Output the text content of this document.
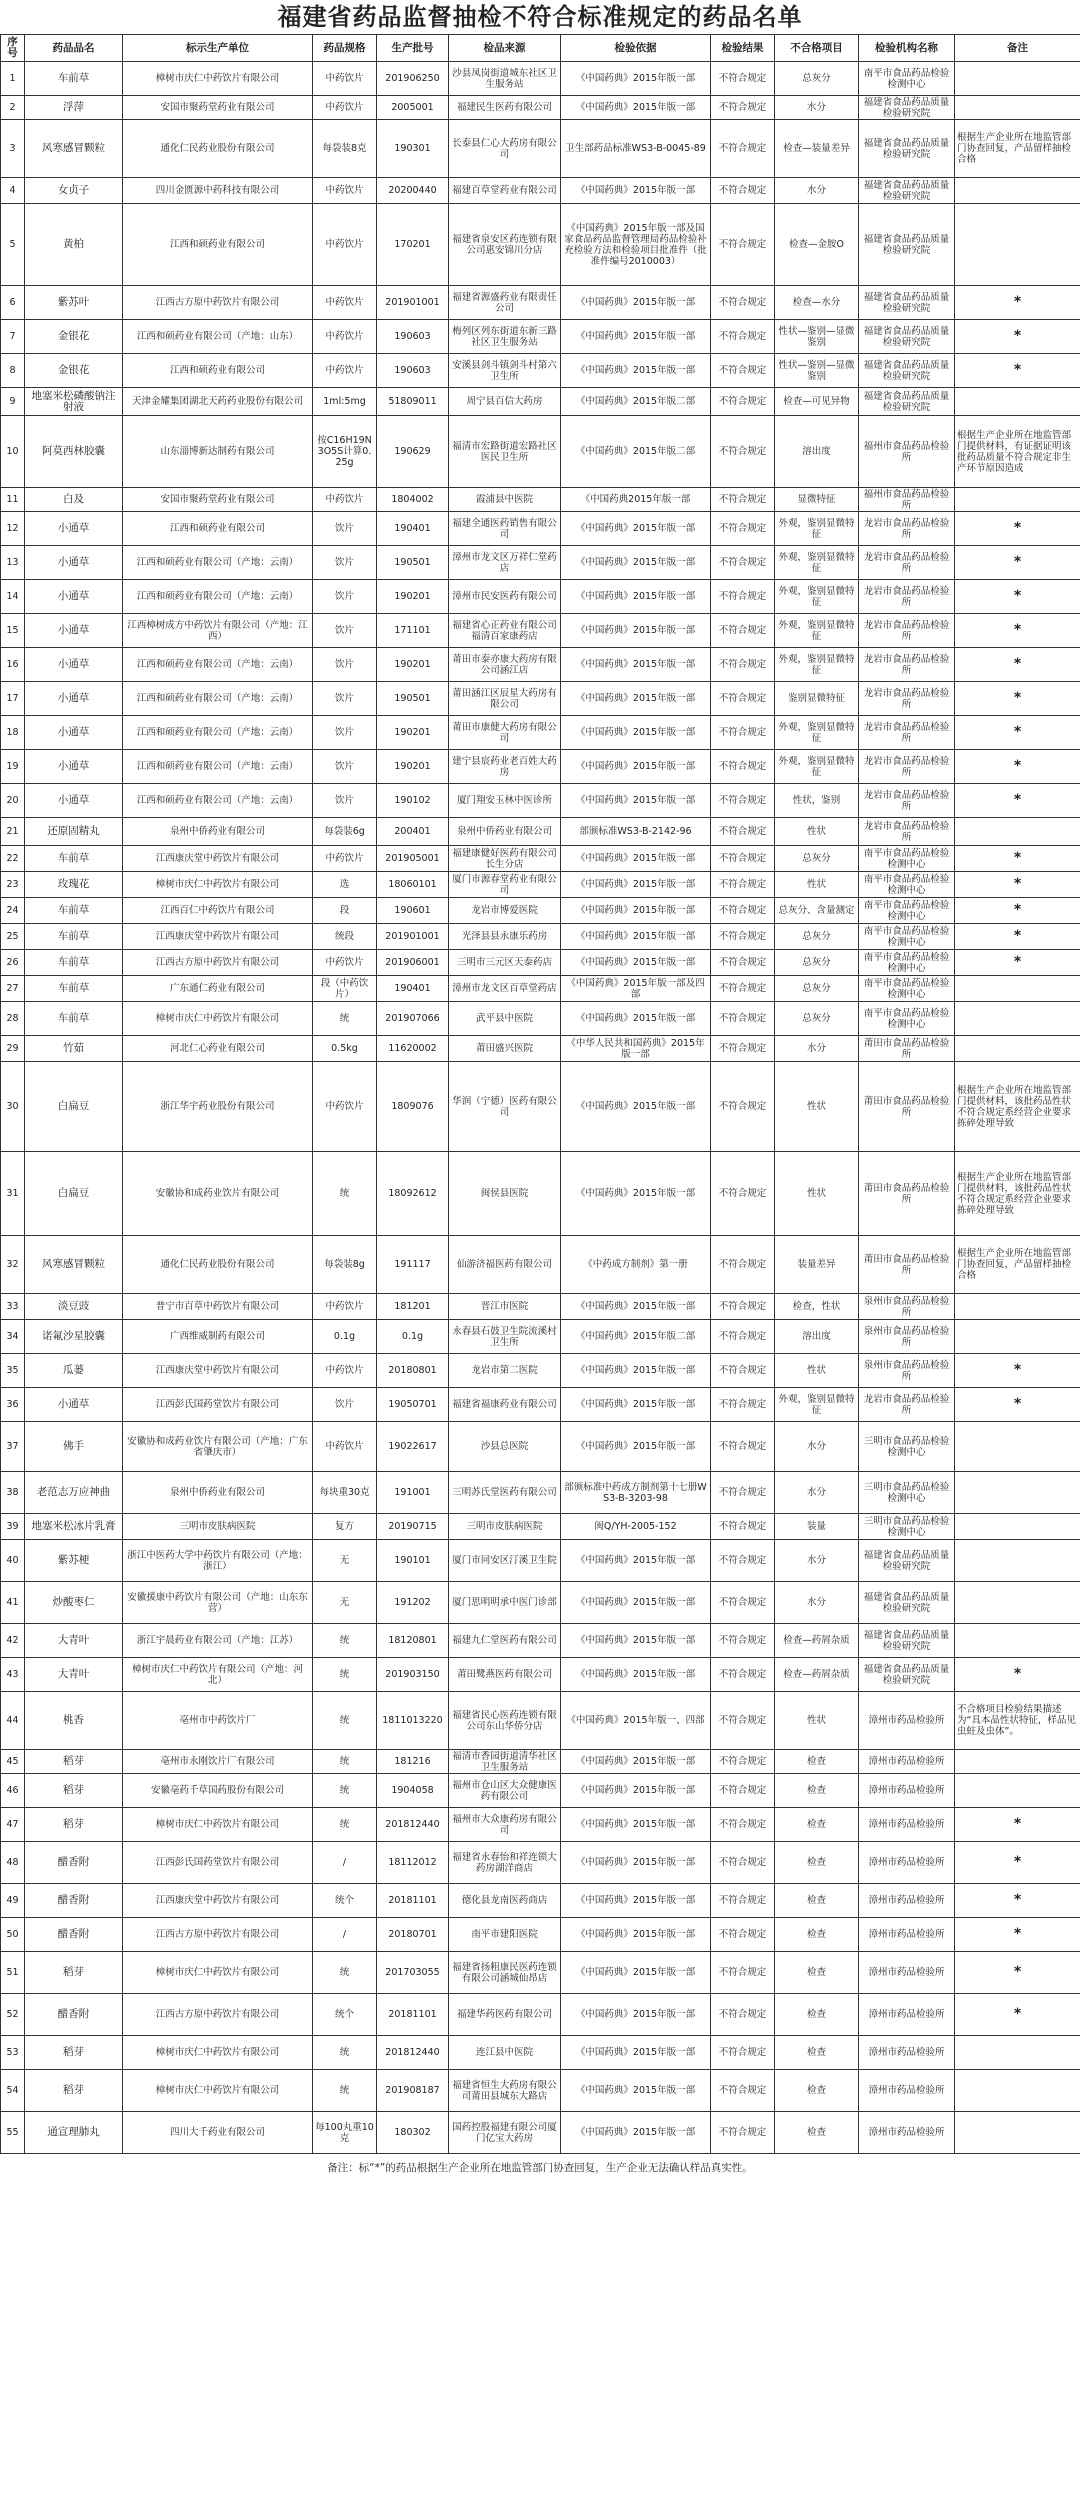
福建省药品监督抽检不符合标准规定的药品名单
序号	药品品名	标示生产单位	药品规格	生产批号	检品来源	检验依据	检验结果	不合格项目	检验机构名称	备注
1	车前草	樟树市庆仁中药饮片有限公司	中药饮片	201906250	沙县凤岗街道城东社区卫生服务站	《中国药典》2015年版一部	不符合规定	总灰分	南平市食品药品检验检测中心	
2	浮萍	安国市聚药堂药业有限公司	中药饮片	2005001	福建民生医药有限公司	《中国药典》2015年版一部	不符合规定	水分	福建省食品药品质量检验研究院	
3	风寒感冒颗粒	通化仁民药业股份有限公司	每袋装8克	190301	长泰县仁心大药房有限公司	卫生部药品标准WS3-B-0045-89	不符合规定	检查—装量差异	福建省食品药品质量检验研究院	根据生产企业所在地监管部门协查回复，产品留样抽检合格
4	女贞子	四川金匮源中药科技有限公司	中药饮片	20200440	福建百草堂药业有限公司	《中国药典》2015年版一部	不符合规定	水分	福建省食品药品质量检验研究院	
5	黄柏	江西和硕药业有限公司	中药饮片	170201	福建省泉安区药连锁有限公司惠安锦川分店	《中国药典》2015年版一部及国家食品药品监督管理局药品检验补充检验方法和检验项目批准件（批准件编号2010003）	不符合规定	检查—金胺O	福建省食品药品质量检验研究院	
6	紫苏叶	江西古方原中药饮片有限公司	中药饮片	201901001	福建省源盛药业有限责任公司	《中国药典》2015年版一部	不符合规定	检查—水分	福建省食品药品质量检验研究院	*
7	金银花	江西和硕药业有限公司（产地：山东）	中药饮片	190603	梅列区列东街道东新三路社区卫生服务站	《中国药典》2015年版一部	不符合规定	性状—鉴别—显微鉴别	福建省食品药品质量检验研究院	*
8	金银花	江西和硕药业有限公司	中药饮片	190603	安溪县剑斗镇剑斗村第六卫生所	《中国药典》2015年版一部	不符合规定	性状—鉴别—显微鉴别	福建省食品药品质量检验研究院	*
9	地塞米松磷酸钠注射液	天津金耀集团湖北天药药业股份有限公司	1ml:5mg	51809011	周宁县百信大药房	《中国药典》2015年版二部	不符合规定	检查—可见异物	福建省食品药品质量检验研究院	
10	阿莫西林胶囊	山东淄博新达制药有限公司	按C16H19N3O5S计算0.25g	190629	福清市宏路街道宏路社区医民卫生所	《中国药典》2015年版二部	不符合规定	溶出度	福州市食品药品检验所	根据生产企业所在地监管部门提供材料，有证据证明该批药品质量不符合规定非生产环节原因造成
11	白及	安国市聚药堂药业有限公司	中药饮片	1804002	霞浦县中医院	《中国药典2015年版一部	不符合规定	显微特征	福州市食品药品检验所	
12	小通草	江西和硕药业有限公司	饮片	190401	福建全通医药销售有限公司	《中国药典》2015年版一部	不符合规定	外观，鉴别显微特征	龙岩市食品药品检验所	*
13	小通草	江西和硕药业有限公司（产地：云南）	饮片	190501	漳州市龙文区万祥仁堂药店	《中国药典》2015年版一部	不符合规定	外观，鉴别显微特征	龙岩市食品药品检验所	*
14	小通草	江西和硕药业有限公司（产地：云南）	饮片	190201	漳州市民安医药有限公司	《中国药典》2015年版一部	不符合规定	外观，鉴别显微特征	龙岩市食品药品检验所	*
15	小通草	江西樟树成方中药饮片有限公司（产地：江西）	饮片	171101	福建省心正药业有限公司福清百家康药店	《中国药典》2015年版一部	不符合规定	外观，鉴别显微特征	龙岩市食品药品检验所	*
16	小通草	江西和硕药业有限公司（产地：云南）	饮片	190201	莆田市泰亦康大药房有限公司涵江店	《中国药典》2015年版一部	不符合规定	外观，鉴别显微特征	龙岩市食品药品检验所	*
17	小通草	江西和硕药业有限公司（产地：云南）	饮片	190501	莆田涵江区辰星大药房有限公司	《中国药典》2015年版一部	不符合规定	鉴别显微特征	龙岩市食品药品检验所	*
18	小通草	江西和硕药业有限公司（产地：云南）	饮片	190201	莆田市康健大药房有限公司	《中国药典》2015年版一部	不符合规定	外观，鉴别显微特征	龙岩市食品药品检验所	*
19	小通草	江西和硕药业有限公司（产地：云南）	饮片	190201	建宁县宸药业老百姓大药房	《中国药典》2015年版一部	不符合规定	外观，鉴别显微特征	龙岩市食品药品检验所	*
20	小通草	江西和硕药业有限公司（产地：云南）	饮片	190102	厦门翔安玉林中医诊所	《中国药典》2015年版一部	不符合规定	性状，鉴别	龙岩市食品药品检验所	*
21	还原固精丸	泉州中侨药业有限公司	每袋装6g	200401	泉州中侨药业有限公司	部颁标准WS3-B-2142-96	不符合规定	性状	龙岩市食品药品检验所	
22	车前草	江西康庆堂中药饮片有限公司	中药饮片	201905001	福建康健好医药有限公司长生分店	《中国药典》2015年版一部	不符合规定	总灰分	南平市食品药品检验检测中心	*
23	玫瑰花	樟树市庆仁中药饮片有限公司	选	18060101	厦门市源春堂药业有限公司	《中国药典》2015年版一部	不符合规定	性状	南平市食品药品检验检测中心	*
24	车前草	江西百仁中药饮片有限公司	段	190601	龙岩市博爱医院	《中国药典》2015年版一部	不符合规定	总灰分、含量测定	南平市食品药品检验检测中心	*
25	车前草	江西康庆堂中药饮片有限公司	统段	201901001	光泽县县永康乐药房	《中国药典》2015年版一部	不符合规定	总灰分	南平市食品药品检验检测中心	*
26	车前草	江西古方原中药饮片有限公司	中药饮片	201906001	三明市三元区天泰药店	《中国药典》2015年版一部	不符合规定	总灰分	南平市食品药品检验检测中心	*
27	车前草	广东通仁药业有限公司	段（中药饮片）	190401	漳州市龙文区百草堂药店	《中国药典》2015年版一部及四部	不符合规定	总灰分	南平市食品药品检验检测中心	
28	车前草	樟树市庆仁中药饮片有限公司	统	201907066	武平县中医院	《中国药典》2015年版一部	不符合规定	总灰分	南平市食品药品检验检测中心	
29	竹茹	河北仁心药业有限公司	0.5kg	11620002	莆田盛兴医院	《中华人民共和国药典》2015年版一部	不符合规定	水分	莆田市食品药品检验所	
30	白扁豆	浙江华宇药业股份有限公司	中药饮片	1809076	华润（宁德）医药有限公司	《中国药典》2015年版一部	不符合规定	性状	莆田市食品药品检验所	根据生产企业所在地监管部门提供材料，该批药品性状不符合规定系经营企业要求拣碎处理导致
31	白扁豆	安徽协和成药业饮片有限公司	统	18092612	闽侯县医院	《中国药典》2015年版一部	不符合规定	性状	莆田市食品药品检验所	根据生产企业所在地监管部门提供材料，该批药品性状不符合规定系经营企业要求拣碎处理导致
32	风寒感冒颗粒	通化仁民药业股份有限公司	每袋装8g	191117	仙游济福医药有限公司	《中药成方制剂》第一册	不符合规定	装量差异	莆田市食品药品检验所	根据生产企业所在地监管部门协查回复，产品留样抽检合格
33	淡豆豉	普宁市百草中药饮片有限公司	中药饮片	181201	晋江市医院	《中国药典》2015年版一部	不符合规定	检查，性状	泉州市食品药品检验所	
34	诺氟沙星胶囊	广西维威制药有限公司	0.1g	0.1g	永春县石鼓卫生院流溪村卫生所	《中国药典》2015年版二部	不符合规定	溶出度	泉州市食品药品检验所	
35	瓜蒌	江西康庆堂中药饮片有限公司	中药饮片	20180801	龙岩市第二医院	《中国药典》2015年版一部	不符合规定	性状	泉州市食品药品检验所	*
36	小通草	江西彭氏国药堂饮片有限公司	饮片	19050701	福建省福康药业有限公司	《中国药典》2015年版一部	不符合规定	外观，鉴别显微特征	龙岩市食品药品检验所	*
37	佛手	安徽协和成药业饮片有限公司（产地：广东省肇庆市）	中药饮片	19022617	沙县总医院	《中国药典》2015年版一部	不符合规定	水分	三明市食品药品检验检测中心	
38	老范志万应神曲	泉州中侨药业有限公司	每块重30克	191001	三明苏氏堂医药有限公司	部颁标准中药成方制剂第十七册WS3-B-3203-98	不符合规定	水分	三明市食品药品检验检测中心	
39	地塞米松冰片乳膏	三明市皮肤病医院	复方	20190715	三明市皮肤病医院	闽Q/YH-2005-152	不符合规定	装量	三明市食品药品检验检测中心	
40	紫苏梗	浙江中医药大学中药饮片有限公司（产地：浙江）	无	190101	厦门市同安区汀溪卫生院	《中国药典》2015年版一部	不符合规定	水分	福建省食品药品质量检验研究院	
41	炒酸枣仁	安徽援康中药饮片有限公司（产地：山东东营）	无	191202	厦门思明明承中医门诊部	《中国药典》2015年版一部	不符合规定	水分	福建省食品药品质量检验研究院	
42	大青叶	浙江宇晨药业有限公司（产地：江苏）	统	18120801	福建九仁堂医药有限公司	《中国药典》2015年版一部	不符合规定	检查—药屑杂质	福建省食品药品质量检验研究院	
43	大青叶	樟树市庆仁中药饮片有限公司（产地：河北）	统	201903150	莆田鹭燕医药有限公司	《中国药典》2015年版一部	不符合规定	检查—药屑杂质	福建省食品药品质量检验研究院	*
44	桃香	亳州市中药饮片厂	统	1811013220	福建省民心医药连锁有限公司东山华侨分店	《中国药典》2015年版一、四部	不符合规定	性状	漳州市药品检验所	不合格项目检验结果描述为“具本品性状特征，样品见虫蛀及虫体”。
45	稻芽	亳州市永刚饮片厂有限公司	统	181216	福清市香园街道清华社区卫生服务站	《中国药典》2015年版一部	不符合规定	检查	漳州市药品检验所	
46	稻芽	安徽亳药千草国药股份有限公司	统	1904058	福州市仓山区大众健康医药有限公司	《中国药典》2015年版一部	不符合规定	检查	漳州市药品检验所	
47	稻芽	樟树市庆仁中药饮片有限公司	统	201812440	福州市大众康药房有限公司	《中国药典》2015年版一部	不符合规定	检查	漳州市药品检验所	*
48	醋香附	江西彭氏国药堂饮片有限公司	/	18112012	福建省永春怡和祥连锁大药房湖洋商店	《中国药典》2015年版一部	不符合规定	检查	漳州市药品检验所	*
49	醋香附	江西康庆堂中药饮片有限公司	统个	20181101	德化县龙南医药商店	《中国药典》2015年版一部	不符合规定	检查	漳州市药品检验所	*
50	醋香附	江西古方原中药饮片有限公司	/	20180701	南平市建阳医院	《中国药典》2015年版一部	不符合规定	检查	漳州市药品检验所	*
51	稻芽	樟树市庆仁中药饮片有限公司	统	201703055	福建省扬粗康民医药连锁有限公司涵城仙昂店	《中国药典》2015年版一部	不符合规定	检查	漳州市药品检验所	*
52	醋香附	江西古方原中药饮片有限公司	统个	20181101	福建华药医药有限公司	《中国药典》2015年版一部	不符合规定	检查	漳州市药品检验所	*
53	稻芽	樟树市庆仁中药饮片有限公司	统	201812440	连江县中医院	《中国药典》2015年版一部	不符合规定	检查	漳州市药品检验所	
54	稻芽	樟树市庆仁中药饮片有限公司	统	201908187	福建省恒生大药房有限公司莆田县城东大路店	《中国药典》2015年版一部	不符合规定	检查	漳州市药品检验所	
55	通宣理肺丸	四川大千药业有限公司	每100丸重10克	180302	国药控股福建有限公司厦门亿宝大药房	《中国药典》2015年版一部	不符合规定	检查	漳州市药品检验所	
备注：标“*”的药品根据生产企业所在地监管部门协查回复，生产企业无法确认样品真实性。
